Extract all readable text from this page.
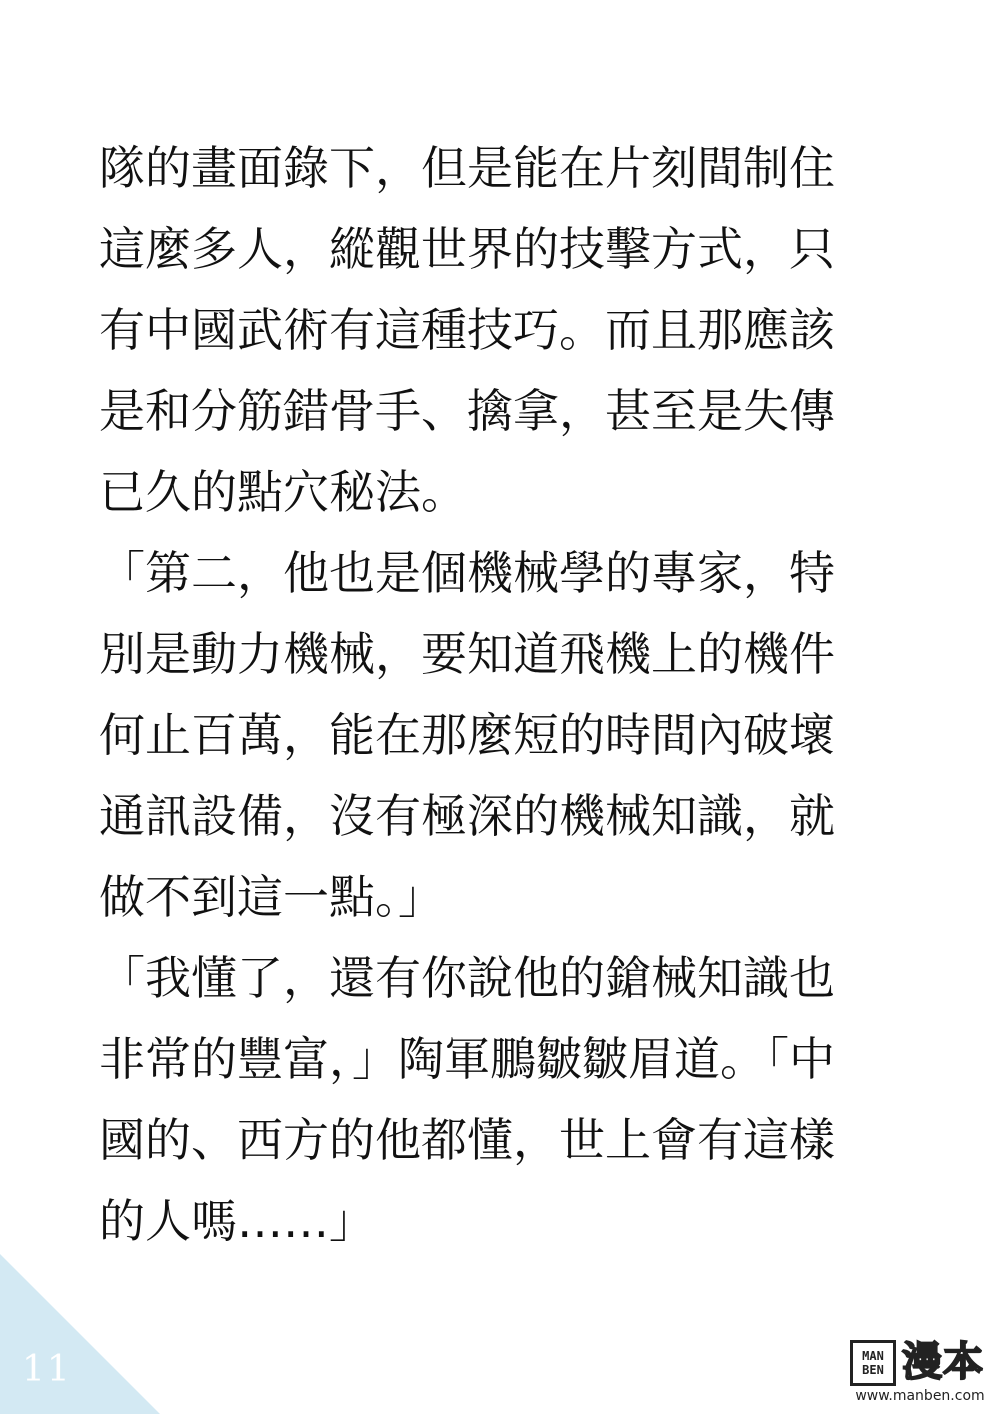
隊的畫面錄下，但是能在片刻間制住
這麼多人，縱觀世界的技擊方式，只
有中國武術有這種技巧。而且那應該
是和分筋錯骨手、擒拿，甚至是失傳
已久的點穴秘法。
「第二，他也是個機械學的專家，特
別是動力機械，要知道飛機上的機件
何止百萬，能在那麼短的時間內破壞
通訊設備，沒有極深的機械知識，就
做不到這一點。」
「我懂了，還有你說他的鎗械知識也
非常的豐富，」陶軍鵬皺皺眉道。「中
國的、西方的他都懂，世上會有這樣
的人嗎……」
11	MAN
BEN 漫本
www.manben.com
